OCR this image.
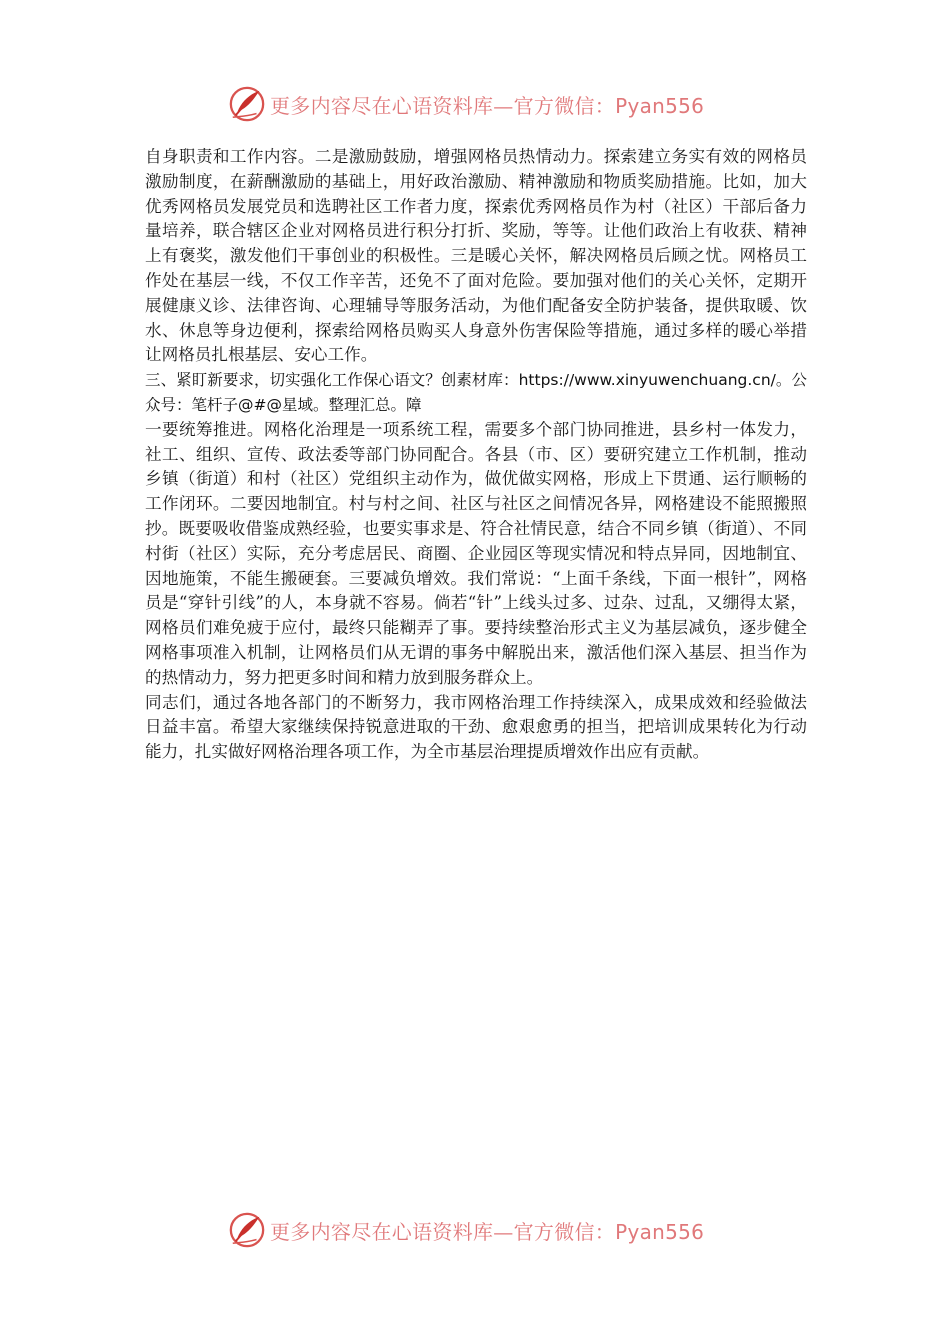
更多内容尽在心语资料库—官方微信：Pyan556

自身职责和工作内容。二是激励鼓励，增强网格员热情动力。探索建立务实有效的网格员激励制度，在薪酬激励的基础上，用好政治激励、精神激励和物质奖励措施。比如，加大优秀网格员发展党员和选聘社区工作者力度，探索优秀网格员作为村（社区）干部后备力量培养，联合辖区企业对网格员进行积分打折、奖励，等等。让他们政治上有收获、精神上有褒奖，激发他们干事创业的积极性。三是暖心关怀，解决网格员后顾之忧。网格员工作处在基层一线，不仅工作辛苦，还免不了面对危险。要加强对他们的关心关怀，定期开展健康义诊、法律咨询、心理辅导等服务活动，为他们配备安全防护装备，提供取暖、饮水、休息等身边便利，探索给网格员购买人身意外伤害保险等措施，通过多样的暖心举措让网格员扎根基层、安心工作。

三、紧盯新要求，切实强化工作保心语文？创素材库：https://www.xinyuwenchuang.cn/。公众号：笔杆子@#@星域。整理汇总。障

一要统筹推进。网格化治理是一项系统工程，需要多个部门协同推进，县乡村一体发力，社工、组织、宣传、政法委等部门协同配合。各县（市、区）要研究建立工作机制，推动乡镇（街道）和村（社区）党组织主动作为，做优做实网格，形成上下贯通、运行顺畅的工作闭环。二要因地制宜。村与村之间、社区与社区之间情况各异，网格建设不能照搬照抄。既要吸收借鉴成熟经验，也要实事求是、符合社情民意，结合不同乡镇（街道）、不同村街（社区）实际，充分考虑居民、商圈、企业园区等现实情况和特点异同，因地制宜、因地施策，不能生搬硬套。三要减负增效。我们常说：“上面千条线，下面一根针”，网格员是“穿针引线”的人，本身就不容易。倘若“针”上线头过多、过杂、过乱，又绷得太紧，网格员们难免疲于应付，最终只能糊弄了事。要持续整治形式主义为基层减负，逐步健全网格事项准入机制，让网格员们从无谓的事务中解脱出来，激活他们深入基层、担当作为的热情动力，努力把更多时间和精力放到服务群众上。

同志们，通过各地各部门的不断努力，我市网格治理工作持续深入，成果成效和经验做法日益丰富。希望大家继续保持锐意进取的干劲、愈艰愈勇的担当，把培训成果转化为行动能力，扎实做好网格治理各项工作，为全市基层治理提质增效作出应有贡献。

更多内容尽在心语资料库—官方微信：Pyan556
